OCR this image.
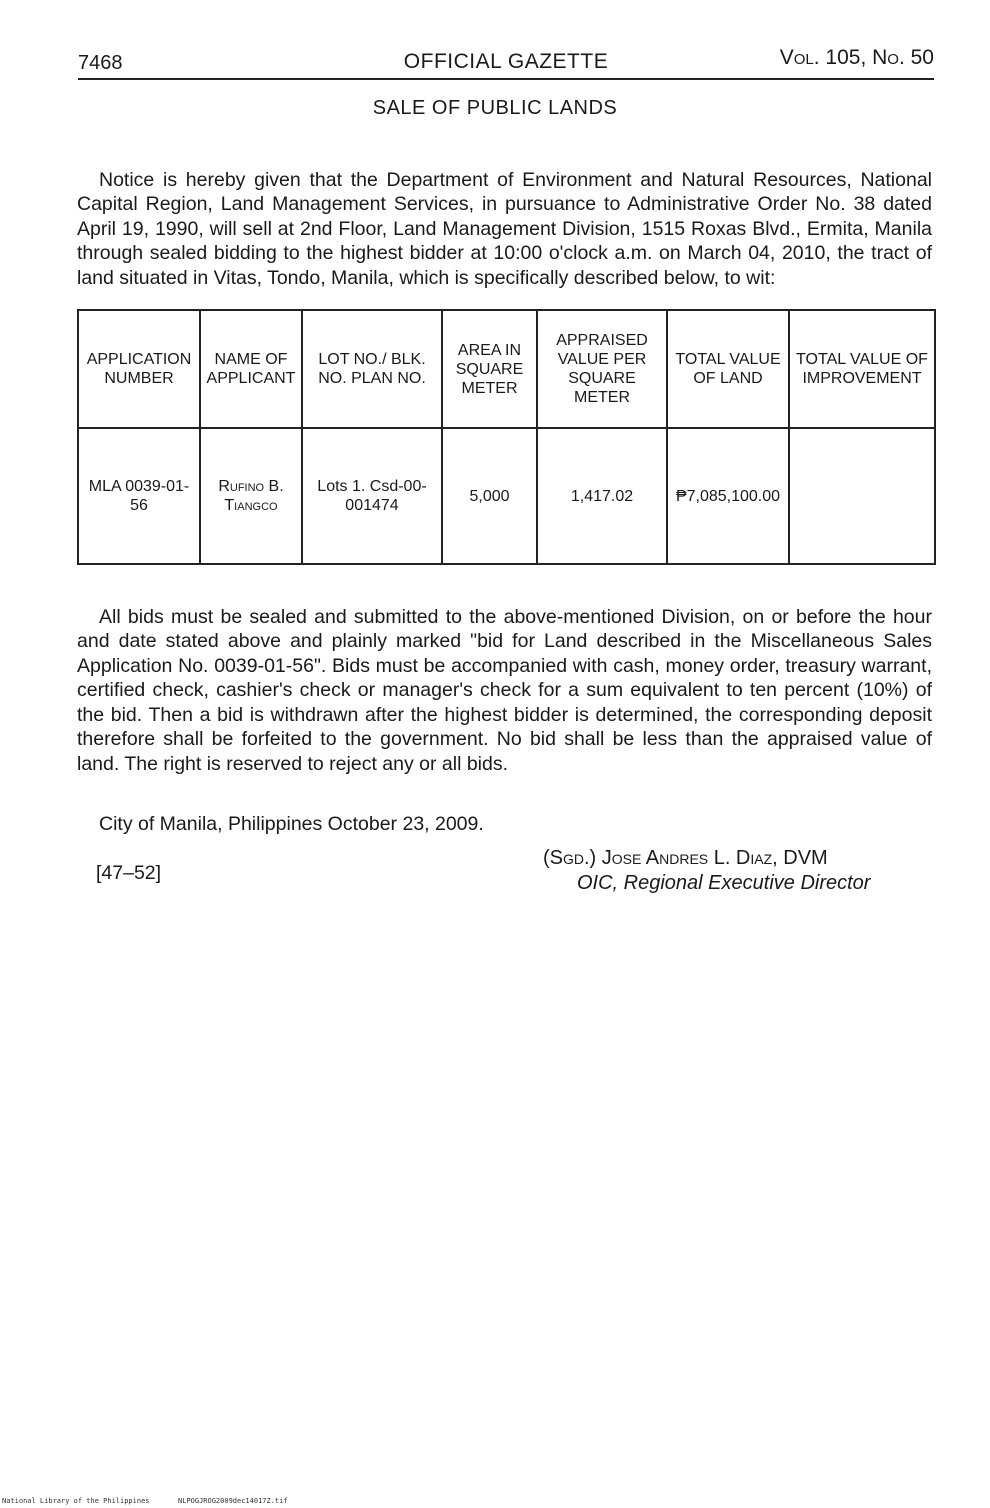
7468	OFFICIAL GAZETTE	Vol. 105, No. 50
SALE OF PUBLIC LANDS

Notice is hereby given that the Department of Environment and Natural Resources, National Capital Region, Land Management Services, in pursuance to Administrative Order No. 38 dated April 19, 1990, will sell at 2nd Floor, Land Management Division, 1515 Roxas Blvd., Ermita, Manila through sealed bidding to the highest bidder at 10:00 o'clock a.m. on March 04, 2010, the tract of land situated in Vitas, Tondo, Manila, which is specifically described below, to wit:

APPLICATION NUMBER	NAME OF APPLICANT	LOT NO./ BLK. NO. PLAN NO.	AREA IN SQUARE METER	APPRAISED VALUE PER SQUARE METER	TOTAL VALUE OF LAND	TOTAL VALUE OF IMPROVEMENT
MLA 0039-01-56	Rufino B. Tiangco	Lots 1. Csd-00-001474	5,000	1,417.02	₱7,085,100.00	

All bids must be sealed and submitted to the above-mentioned Division, on or before the hour and date stated above and plainly marked "bid for Land described in the Miscellaneous Sales Application No. 0039-01-56". Bids must be accompanied with cash, money order, treasury warrant, certified check, cashier's check or manager's check for a sum equivalent to ten percent (10%) of the bid. Then a bid is withdrawn after the highest bidder is determined, the corresponding deposit therefore shall be forfeited to the government. No bid shall be less than the appraised value of land. The right is reserved to reject any or all bids.

City of Manila, Philippines October 23, 2009.

[47–52]
(Sgd.) Jose Andres L. Diaz, DVM
OIC, Regional Executive Director
National Library of the Philippines	NLPOGJROG2009dec14017Z.tif
